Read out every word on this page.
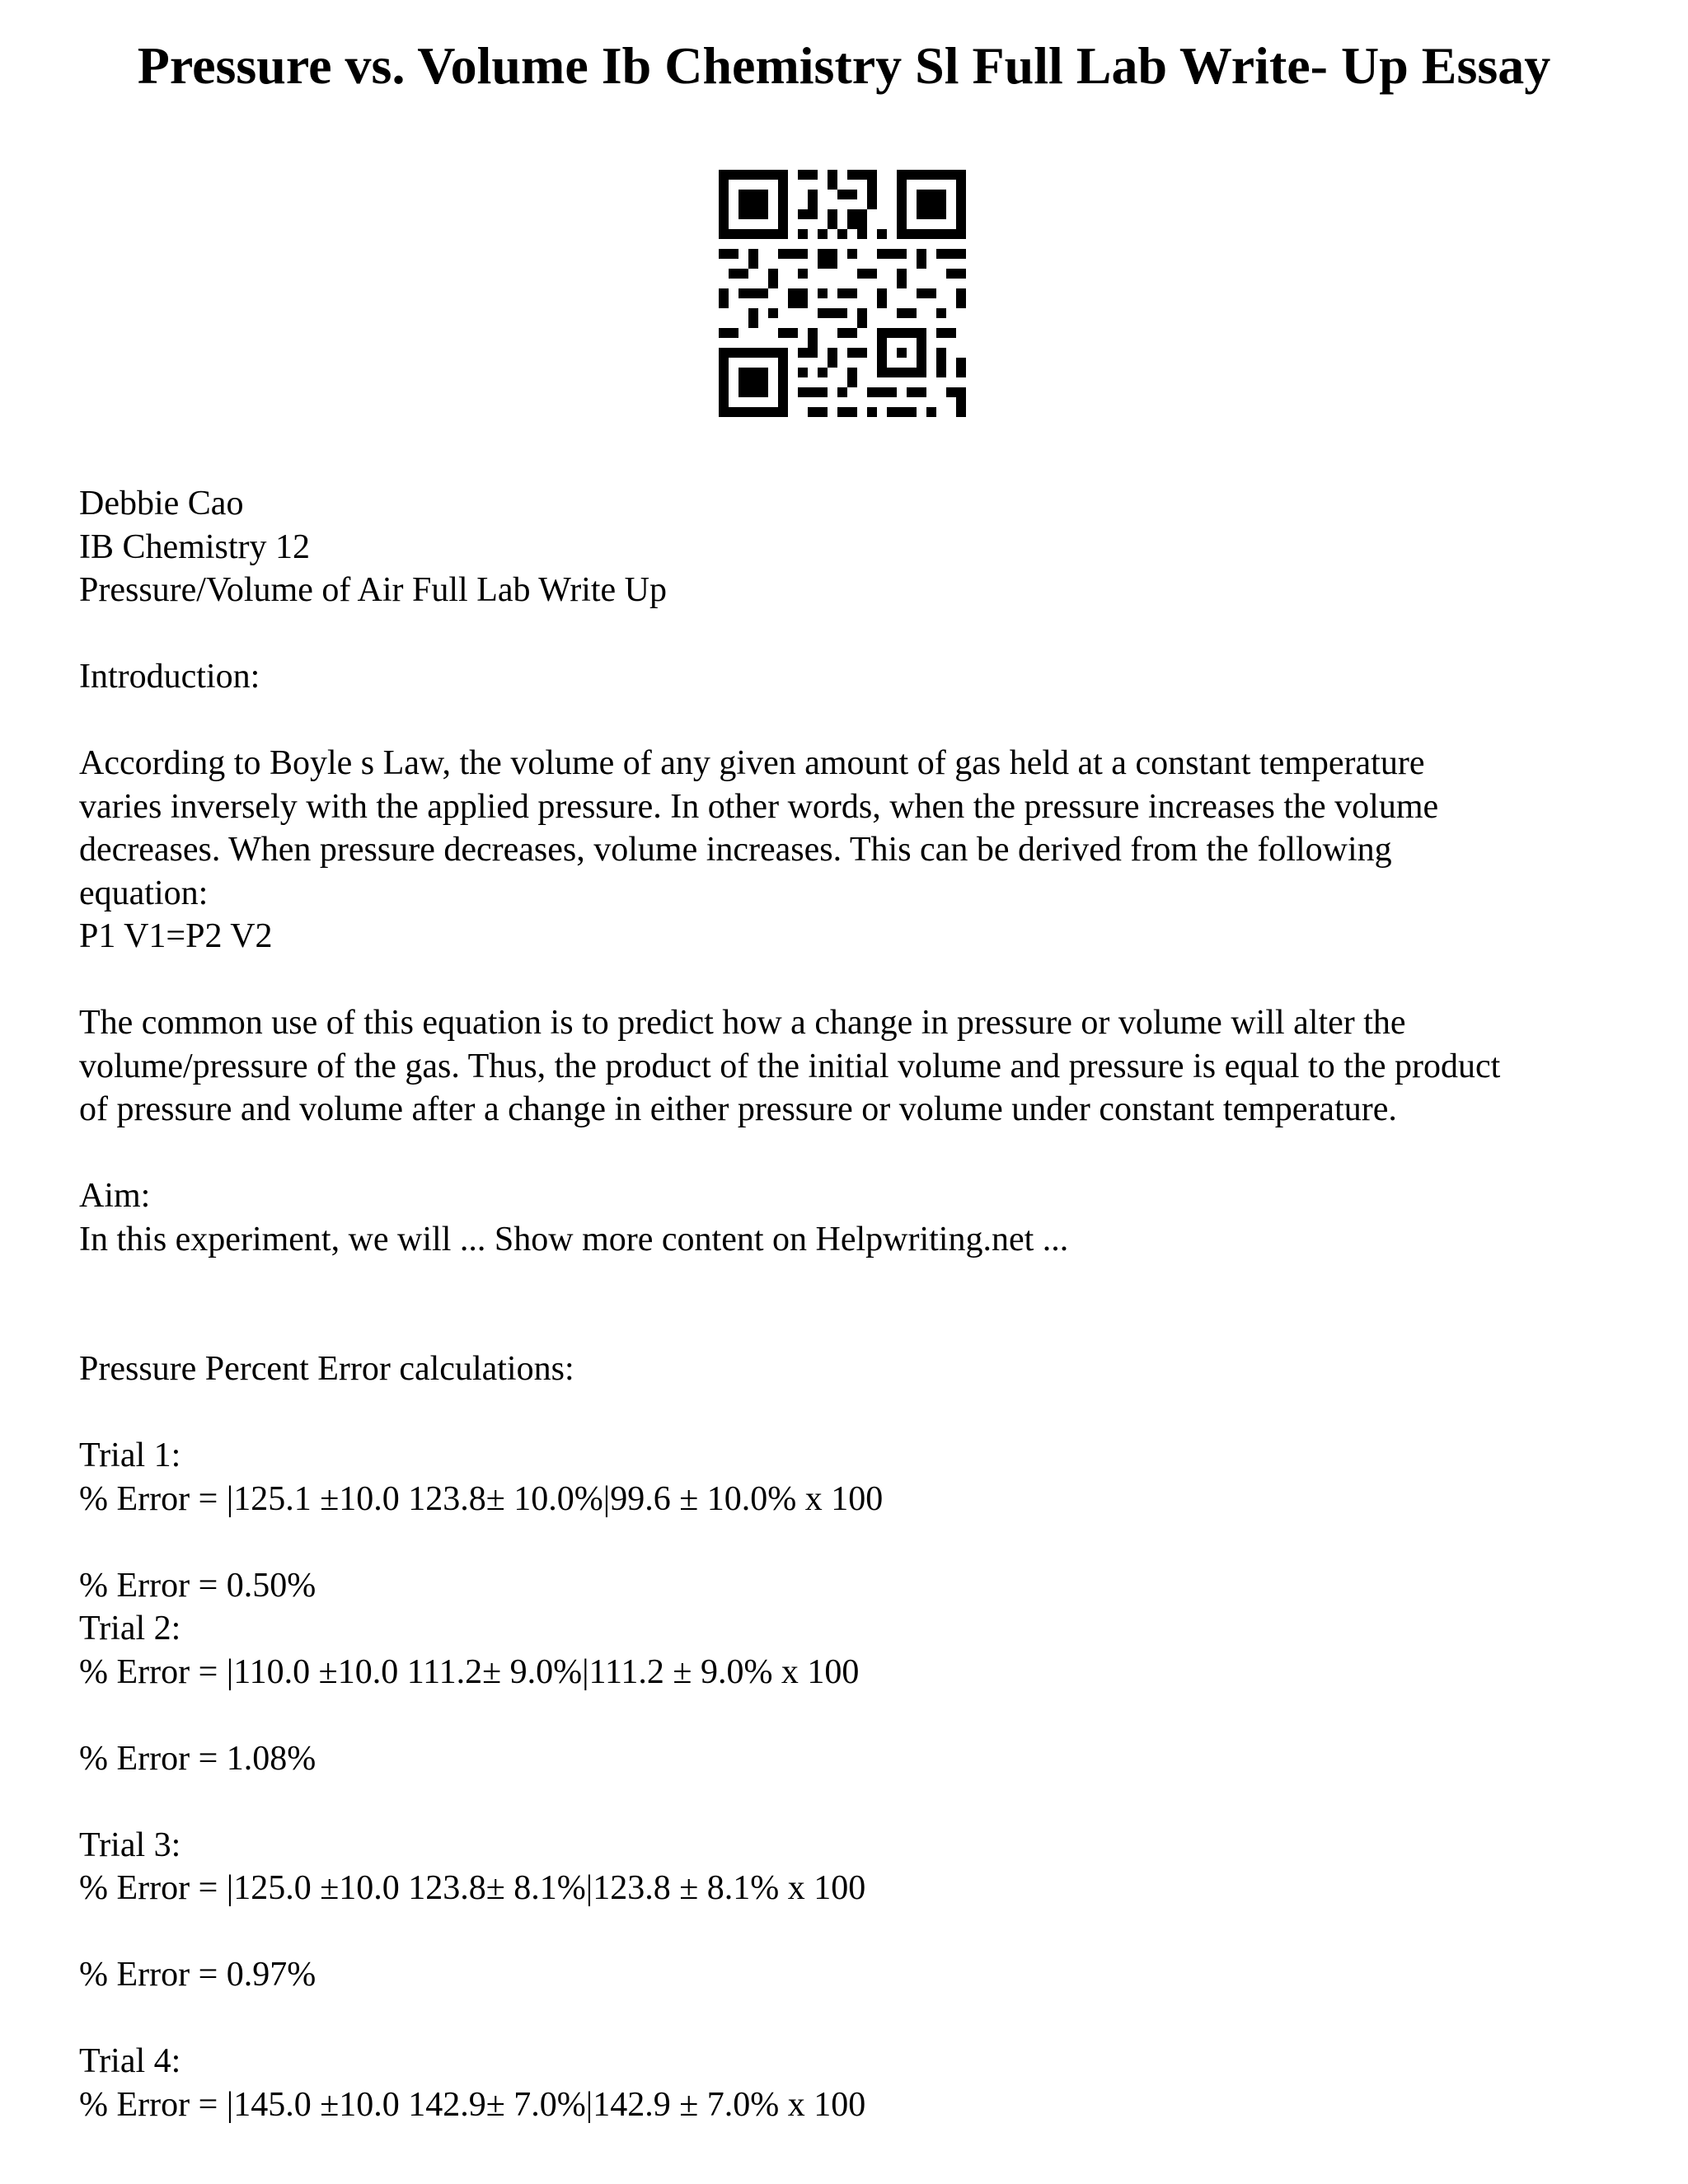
Pressure vs. Volume Ib Chemistry Sl Full Lab Write- Up Essay
Debbie Cao
IB Chemistry 12
Pressure/Volume of Air Full Lab Write Up
Introduction:
According to Boyle s Law, the volume of any given amount of gas held at a constant temperature
varies inversely with the applied pressure. In other words, when the pressure increases the volume
decreases. When pressure decreases, volume increases. This can be derived from the following
equation:
P1 V1=P2 V2
The common use of this equation is to predict how a change in pressure or volume will alter the
volume/pressure of the gas. Thus, the product of the initial volume and pressure is equal to the product
of pressure and volume after a change in either pressure or volume under constant temperature.
Aim:
In this experiment, we will ... Show more content on Helpwriting.net ...
Pressure Percent Error calculations:
Trial 1:
% Error = |125.1 ±10.0 123.8± 10.0%|99.6 ± 10.0% x 100
% Error = 0.50%
Trial 2:
% Error = |110.0 ±10.0 111.2± 9.0%|111.2 ± 9.0% x 100
% Error = 1.08%
Trial 3:
% Error = |125.0 ±10.0 123.8± 8.1%|123.8 ± 8.1% x 100
% Error = 0.97%
Trial 4:
% Error = |145.0 ±10.0 142.9± 7.0%|142.9 ± 7.0% x 100
